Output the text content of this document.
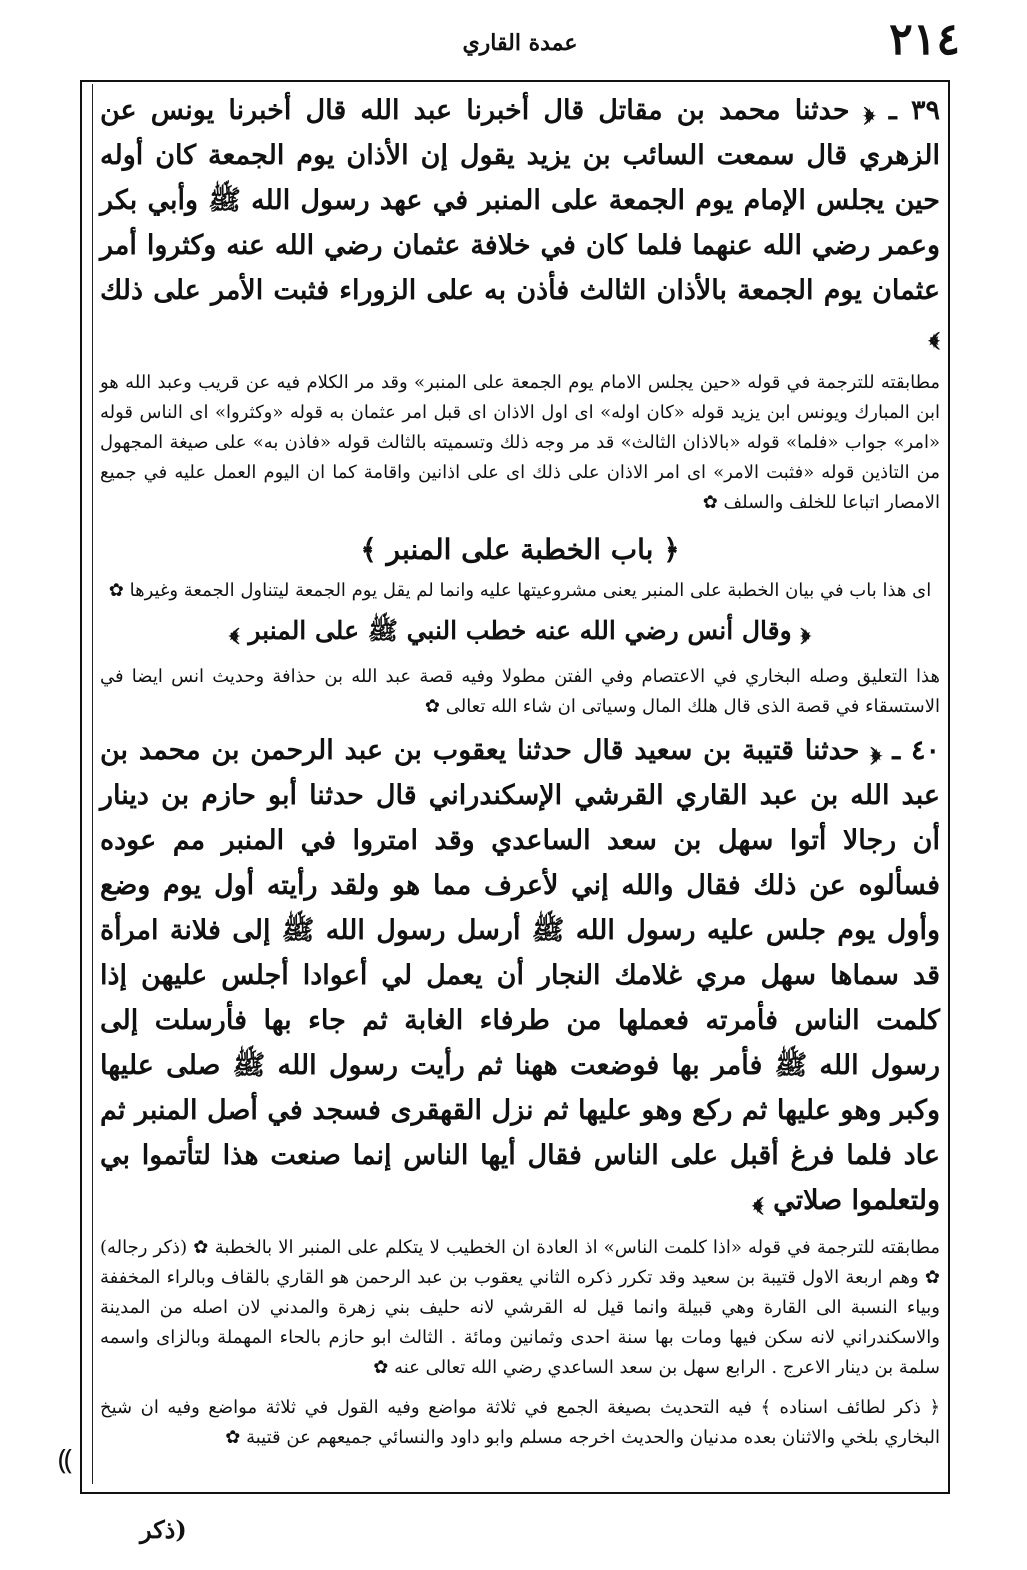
٢١٤
عمدة القاري
⸨

٣٩ ـ ﴿ حدثنا محمد بن مقاتل قال أخبرنا عبد الله قال أخبرنا يونس عن الزهري قال سمعت السائب بن يزيد يقول إن الأذان يوم الجمعة كان أوله حين يجلس الإمام يوم الجمعة على المنبر في عهد رسول الله ﷺ وأبي بكر وعمر رضي الله عنهما فلما كان في خلافة عثمان رضي الله عنه وكثروا أمر عثمان يوم الجمعة بالأذان الثالث فأذن به على الزوراء فثبت الأمر على ذلك ﴾

مطابقته للترجمة في قوله «حين يجلس الامام يوم الجمعة على المنبر» وقد مر الكلام فيه عن قريب وعبد الله هو ابن المبارك ويونس ابن يزيد قوله «كان اوله» اى اول الاذان اى قبل امر عثمان به قوله «وكثروا» اى الناس قوله «امر» جواب «فلما» قوله «بالاذان الثالث» قد مر وجه ذلك وتسميته بالثالث قوله «فاذن به» على صيغة المجهول من التاذين قوله «فثبت الامر» اى امر الاذان على ذلك اى على اذانين واقامة كما ان اليوم العمل عليه في جميع الامصار اتباعا للخلف والسلف ✿

﴿ باب الخطبة على المنبر ﴾

اى هذا باب في بيان الخطبة على المنبر يعنى مشروعيتها عليه وانما لم يقل يوم الجمعة ليتناول الجمعة وغيرها ✿

﴿ وقال أنس رضي الله عنه خطب النبي ﷺ على المنبر ﴾

هذا التعليق وصله البخاري في الاعتصام وفي الفتن مطولا وفيه قصة عبد الله بن حذافة وحديث انس ايضا في الاستسقاء في قصة الذى قال هلك المال وسياتى ان شاء الله تعالى ✿

٤٠ ـ ﴿ حدثنا قتيبة بن سعيد قال حدثنا يعقوب بن عبد الرحمن بن محمد بن عبد الله بن عبد القاري القرشي الإسكندراني قال حدثنا أبو حازم بن دينار أن رجالا أتوا سهل بن سعد الساعدي وقد امتروا في المنبر مم عوده فسألوه عن ذلك فقال والله إني لأعرف مما هو ولقد رأيته أول يوم وضع وأول يوم جلس عليه رسول الله ﷺ أرسل رسول الله ﷺ إلى فلانة امرأة قد سماها سهل مري غلامك النجار أن يعمل لي أعوادا أجلس عليهن إذا كلمت الناس فأمرته فعملها من طرفاء الغابة ثم جاء بها فأرسلت إلى رسول الله ﷺ فأمر بها فوضعت ههنا ثم رأيت رسول الله ﷺ صلى عليها وكبر وهو عليها ثم ركع وهو عليها ثم نزل القهقرى فسجد في أصل المنبر ثم عاد فلما فرغ أقبل على الناس فقال أيها الناس إنما صنعت هذا لتأتموا بي ولتعلموا صلاتي ﴾

مطابقته للترجمة في قوله «اذا كلمت الناس» اذ العادة ان الخطيب لا يتكلم على المنبر الا بالخطبة ✿ (ذكر رجاله) ✿ وهم اربعة الاول قتيبة بن سعيد وقد تكرر ذكره الثاني يعقوب بن عبد الرحمن هو القاري بالقاف وبالراء المخففة وبياء النسبة الى القارة وهي قبيلة وانما قيل له القرشي لانه حليف بني زهرة والمدني لان اصله من المدينة والاسكندراني لانه سكن فيها ومات بها سنة احدى وثمانين ومائة . الثالث ابو حازم بالحاء المهملة وبالزاى واسمه سلمة بن دينار الاعرج . الرابع سهل بن سعد الساعدي رضي الله تعالى عنه ✿

﴿ ذكر لطائف اسناده ﴾ فيه التحديث بصيغة الجمع في ثلاثة مواضع وفيه القول في ثلاثة مواضع وفيه ان شيخ البخاري بلخي والاثنان بعده مدنيان والحديث اخرجه مسلم وابو داود والنسائي جميعهم عن قتيبة ✿

(ذكر
